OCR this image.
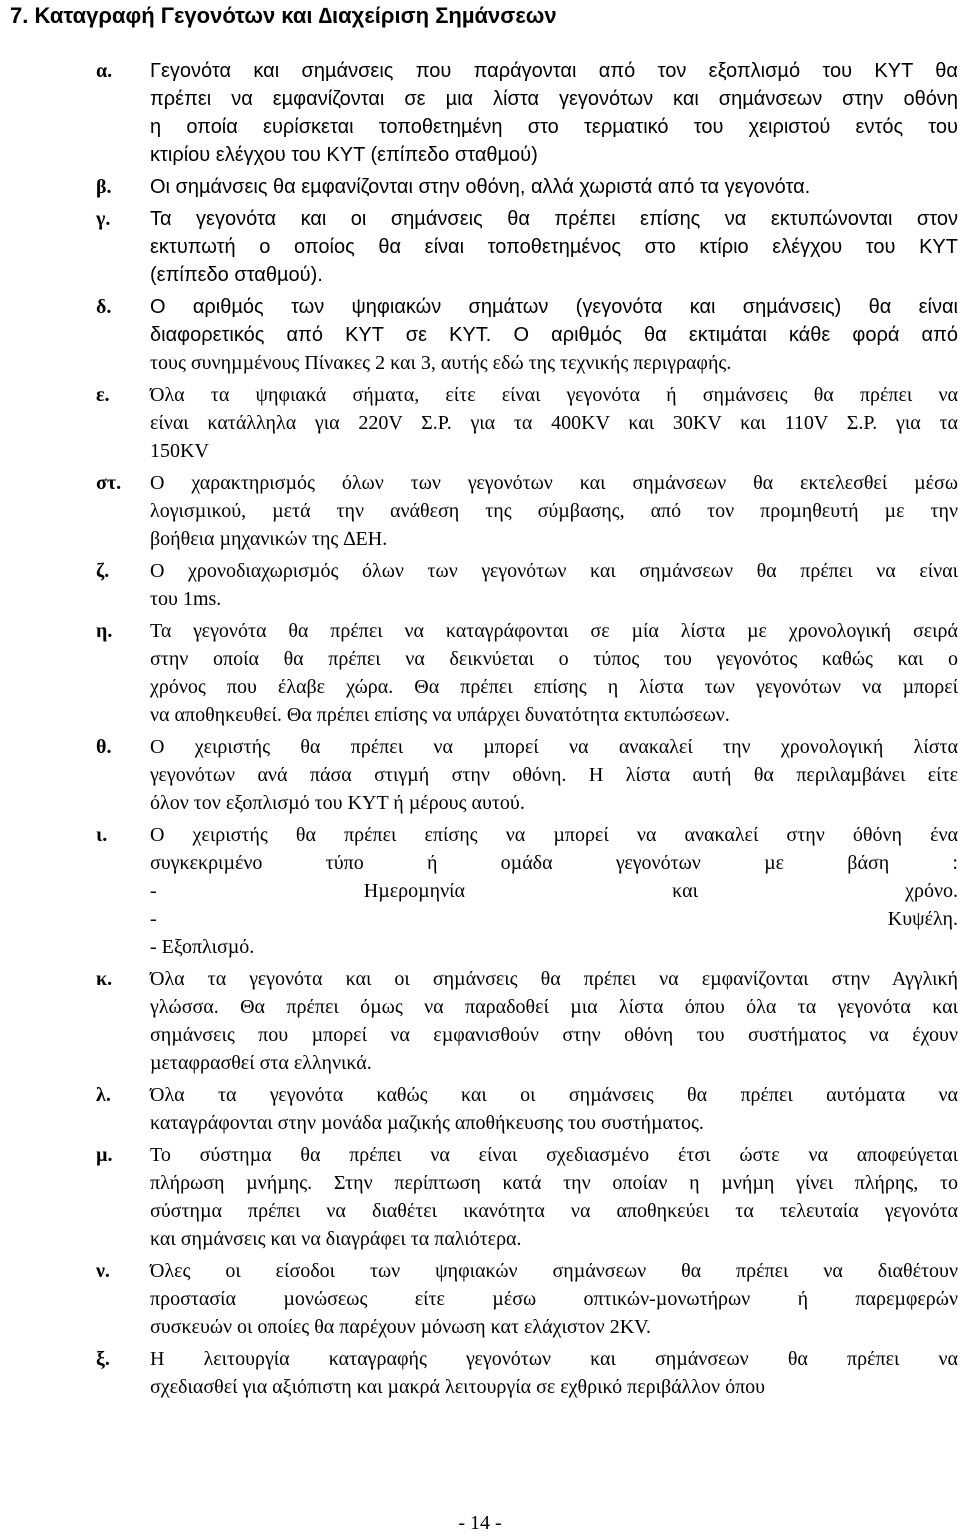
7. Καταγραφή Γεγονότων και ∆ιαχείριση Σηµάνσεων
α.	Γεγονότα και σηµάνσεις που παράγονται από τον εξοπλισµό του ΚΥΤ θα
πρέπει να εµφανίζονται σε µια λίστα γεγονότων και σηµάνσεων στην οθόνη
η οποία ευρίσκεται τοποθετηµένη στο τερµατικό του χειριστού εντός του
κτιρίου ελέγχου του ΚΥΤ (επίπεδο σταθµού)
β.	Οι σηµάνσεις θα εµφανίζονται στην οθόνη, αλλά χωριστά από τα γεγονότα.
γ.	Τα γεγονότα και οι σηµάνσεις θα πρέπει επίσης να εκτυπώνονται στον
εκτυπωτή ο οποίος θα είναι τοποθετηµένος στο κτίριο ελέγχου του ΚΥΤ
(επίπεδο σταθµού).
δ.	Ο αριθµός των ψηφιακών σηµάτων (γεγονότα και σηµάνσεις) θα είναι
διαφορετικός από ΚΥΤ σε ΚΥΤ. Ο αριθµός θα εκτιµάται κάθε φορά από
τους συνηµµένους Πίνακες 2 και 3, αυτής εδώ της τεχνικής περιγραφής.
ε.	Όλα τα ψηφιακά σήµατα, είτε είναι γεγονότα ή σηµάνσεις θα πρέπει να
είναι κατάλληλα για 220V Σ.Ρ. για τα 400KV και 30KV και 110V Σ.Ρ. για τα
150KV
στ.	Ο χαρακτηρισµός όλων των γεγονότων και σηµάνσεων θα εκτελεσθεί µέσω
λογισµικού, µετά την ανάθεση της σύµβασης, από τον προµηθευτή µε την
βοήθεια µηχανικών της ∆ΕΗ.
ζ.	Ο χρονοδιαχωρισµός όλων των γεγονότων και σηµάνσεων θα πρέπει να είναι
του 1ms.
η.	Τα γεγονότα θα πρέπει να καταγράφονται σε µία λίστα µε χρονολογική σειρά
στην οποία θα πρέπει να δεικνύεται ο τύπος του γεγονότος καθώς και ο
χρόνος που έλαβε χώρα. Θα πρέπει επίσης η λίστα των γεγονότων να µπορεί
να αποθηκευθεί. Θα πρέπει επίσης να υπάρχει δυνατότητα εκτυπώσεων.
θ.	Ο χειριστής θα πρέπει να µπορεί να ανακαλεί την χρονολογική λίστα
γεγονότων ανά πάσα στιγµή στην οθόνη. Η λίστα αυτή θα περιλαµβάνει είτε
όλον τον εξοπλισµό του ΚΥΤ ή µέρους αυτού.
ι.	Ο χειριστής θα πρέπει επίσης να µπορεί να ανακαλεί στην όθόνη ένα
συγκεκριµένο τύπο ή οµάδα γεγονότων µε βάση :
- Ηµεροµηνία και χρόνο.
- Κυψέλη.
- Εξοπλισµό.
κ.	Όλα τα γεγονότα και οι σηµάνσεις θα πρέπει να εµφανίζονται στην Αγγλική
γλώσσα. Θα πρέπει όµως να παραδοθεί µια λίστα όπου όλα τα γεγονότα και
σηµάνσεις που µπορεί να εµφανισθούν στην οθόνη του συστήµατος να έχουν
µεταφρασθεί στα ελληνικά.
λ.	Όλα τα γεγονότα καθώς και οι σηµάνσεις θα πρέπει αυτόµατα να
καταγράφονται στην µονάδα µαζικής αποθήκευσης του συστήµατος.
µ.	Το σύστηµα θα πρέπει να είναι σχεδιασµένο έτσι ώστε να αποφεύγεται
πλήρωση µνήµης. Στην περίπτωση κατά την οποίαν η µνήµη γίνει πλήρης, το
σύστηµα πρέπει να διαθέτει ικανότητα να αποθηκεύει τα τελευταία γεγονότα
και σηµάνσεις και να διαγράφει τα παλιότερα.
ν.	Όλες οι είσοδοι των ψηφιακών σηµάνσεων θα πρέπει να διαθέτουν
προστασία µονώσεως είτε µέσω οπτικών-µονωτήρων ή παρεµφερών
συσκευών οι οποίες θα παρέχουν µόνωση κατ ελάχιστον 2KV.
ξ.	Η λειτουργία καταγραφής γεγονότων και σηµάνσεων θα πρέπει να
σχεδιασθεί για αξιόπιστη και µακρά λειτουργία σε εχθρικό περιβάλλον όπου
- 14 -
